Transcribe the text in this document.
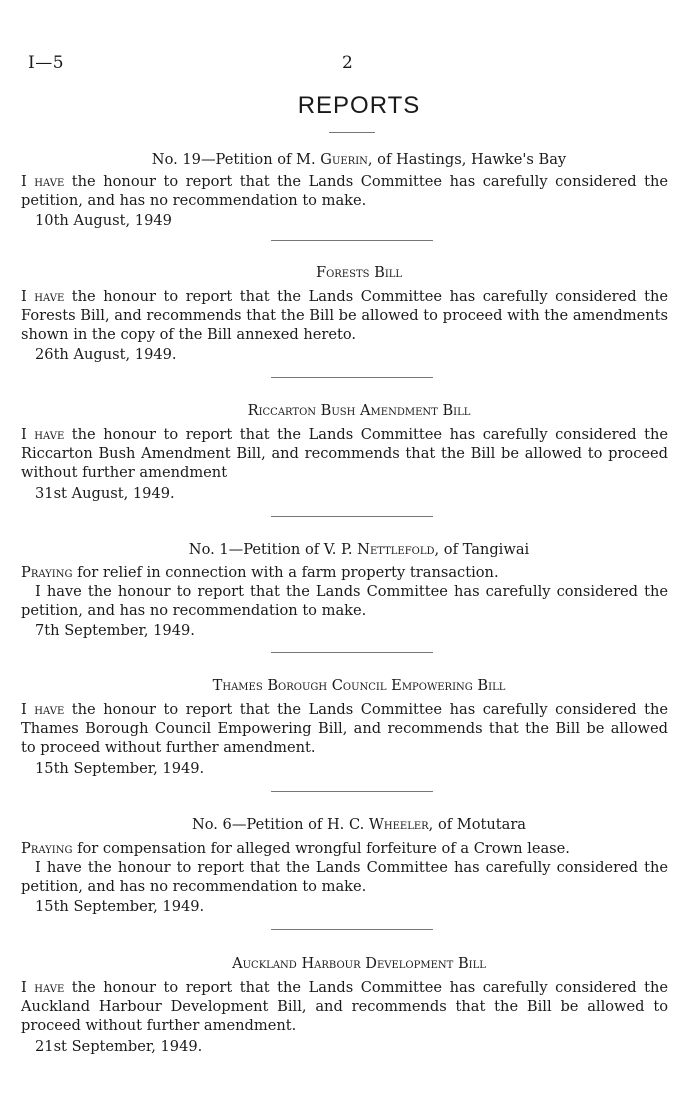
I—5	2
REPORTS
No. 19—Petition of M. Guerin, of Hastings, Hawke's Bay
I have the honour to report that the Lands Committee has carefully considered the petition, and has no recommendation to make.
10th August, 1949
Forests Bill
I have the honour to report that the Lands Committee has carefully considered the Forests Bill, and recommends that the Bill be allowed to proceed with the amendments shown in the copy of the Bill annexed hereto.
26th August, 1949.
Riccarton Bush Amendment Bill
I have the honour to report that the Lands Committee has carefully considered the Riccarton Bush Amendment Bill, and recommends that the Bill be allowed to proceed without further amendment
31st August, 1949.
No. 1—Petition of V. P. Nettlefold, of Tangiwai
Praying for relief in connection with a farm property transaction.
I have the honour to report that the Lands Committee has carefully considered the petition, and has no recommendation to make.
7th September, 1949.
Thames Borough Council Empowering Bill
I have the honour to report that the Lands Committee has carefully considered the Thames Borough Council Empowering Bill, and recommends that the Bill be allowed to proceed without further amendment.
15th September, 1949.
No. 6—Petition of H. C. Wheeler, of Motutara
Praying for compensation for alleged wrongful forfeiture of a Crown lease.
I have the honour to report that the Lands Committee has carefully considered the petition, and has no recommendation to make.
15th September, 1949.
Auckland Harbour Development Bill
I have the honour to report that the Lands Committee has carefully considered the Auckland Harbour Development Bill, and recommends that the Bill be allowed to proceed without further amendment.
21st September, 1949.
